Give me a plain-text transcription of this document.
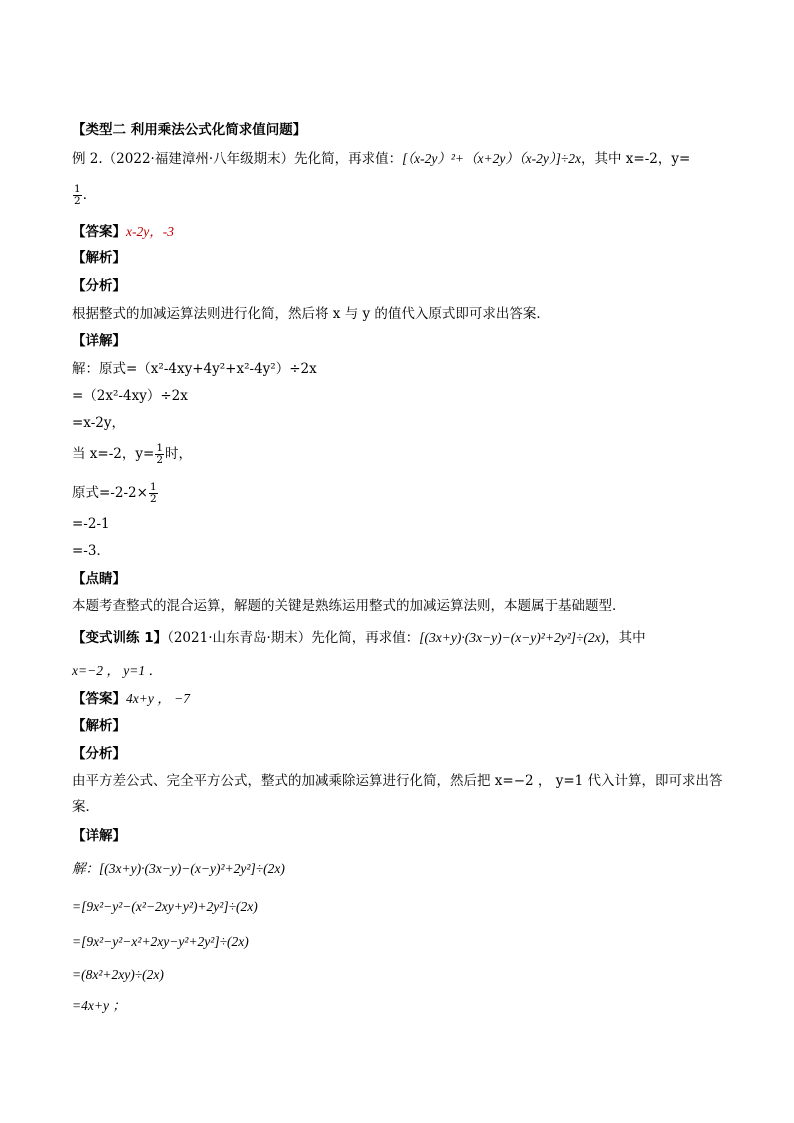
【类型二 利用乘法公式化简求值问题】
例 2.（2022·福建漳州·八年级期末）先化简，再求值：[（x-2y）²+（x+2y）（x-2y）]÷2x，其中 x=-2，y=
$\frac{1}{2}$ ．
【答案】x-2y，-3
【解析】
【分析】
根据整式的加减运算法则进行化简，然后将 x 与 y 的值代入原式即可求出答案．
【详解】
解：原式=（x²-4xy+4y²+x²-4y²）÷2x
=（2x²-4xy）÷2x
=x-2y，
当 x=-2，$y= \frac{1}{2}$ 时，
原式$=-2-2\times \frac{1}{2}$
=-2-1
=-3．
【点睛】
本题考查整式的混合运算，解题的关键是熟练运用整式的加减运算法则，本题属于基础题型．
【变式训练 1】（2021·山东青岛·期末）先化简，再求值：[(3x+y)·(3x−y)−(x−y)²+2y²]÷(2x)，其中
x=−2 ， y=1 ．
【答案】4x+y ， −7
【解析】
【分析】
由平方差公式、完全平方公式，整式的加减乘除运算进行化简，然后把 x=−2 ， y=1 代入计算，即可求出答
案．
【详解】
解：[(3x+y)·(3x−y)−(x−y)²+2y²]÷(2x)
=[9x²−y²−(x²−2xy+y²)+2y²]÷(2x)
=[9x²−y²−x²+2xy−y²+2y²]÷(2x)
=(8x²+2xy)÷(2x)
=4x+y ；
